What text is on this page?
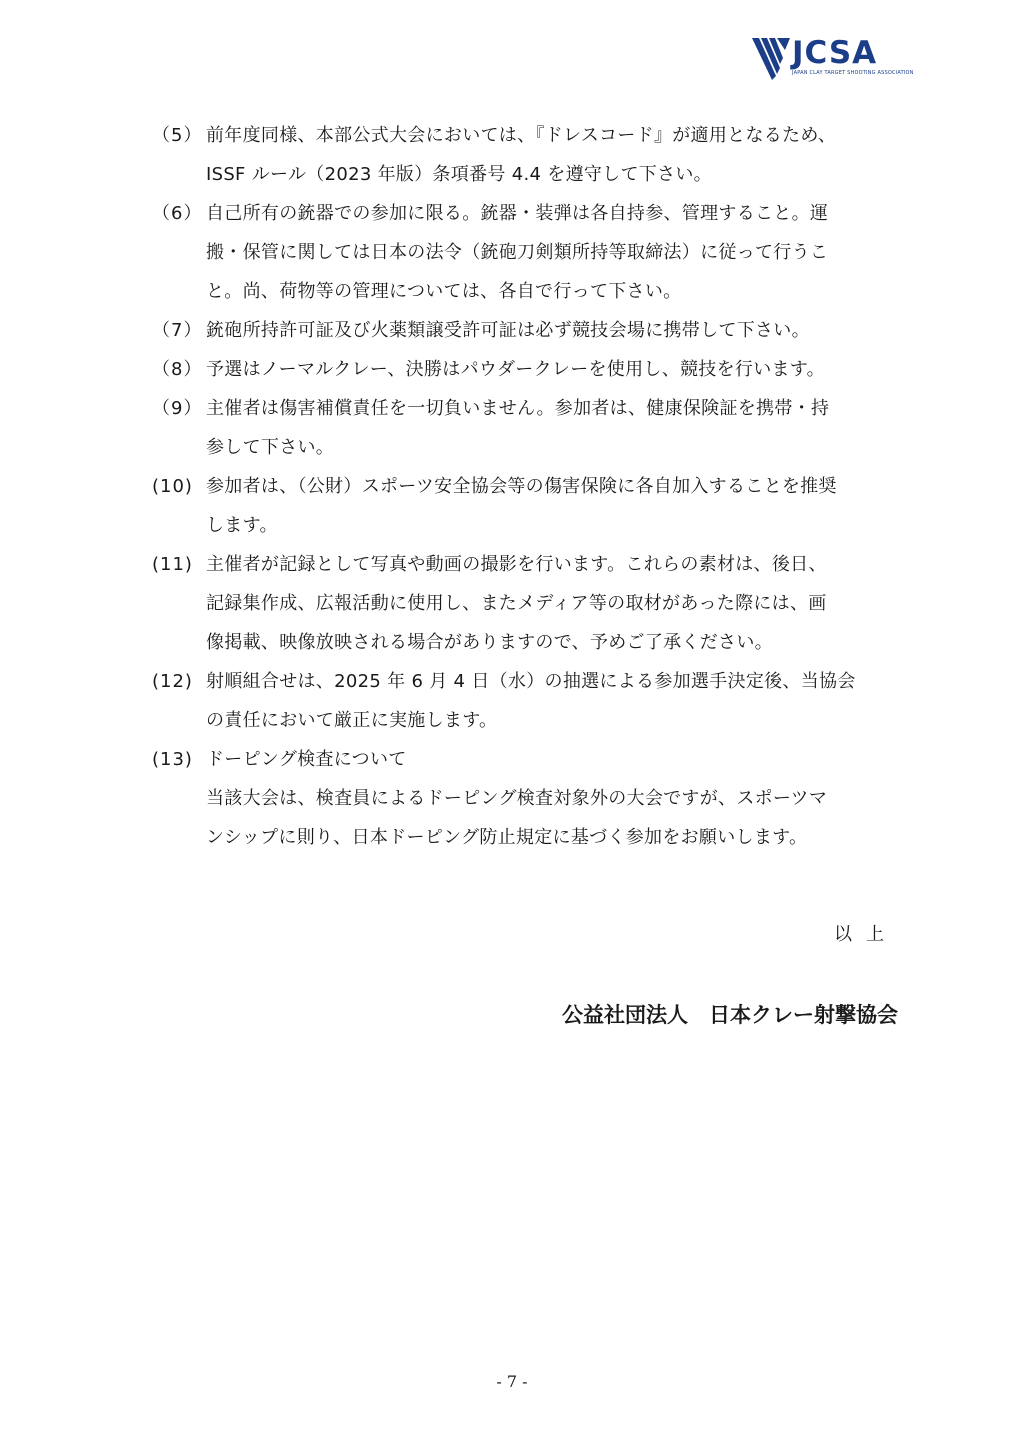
JCSA
JAPAN CLAY TARGET SHOOTING ASSOCIATION
（5） 前年度同様、本部公式大会においては、『ドレスコード』が適用となるため、
ISSF ルール（2023 年版）条項番号 4.4 を遵守して下さい。
（6） 自己所有の銃器での参加に限る。銃器・装弾は各自持参、管理すること。運
搬・保管に関しては日本の法令（銃砲刀剣類所持等取締法）に従って行うこ
と。尚、荷物等の管理については、各自で行って下さい。
（7） 銃砲所持許可証及び火薬類譲受許可証は必ず競技会場に携帯して下さい。
（8） 予選はノーマルクレー、決勝はパウダークレーを使用し、競技を行います。
（9） 主催者は傷害補償責任を一切負いません。参加者は、健康保険証を携帯・持
参して下さい。
(10) 参加者は、（公財）スポーツ安全協会等の傷害保険に各自加入することを推奨
します。
(11) 主催者が記録として写真や動画の撮影を行います。これらの素材は、後日、
記録集作成、広報活動に使用し、またメディア等の取材があった際には、画
像掲載、映像放映される場合がありますので、予めご了承ください。
(12) 射順組合せは、2025 年 6 月 4 日（水）の抽選による参加選手決定後、当協会
の責任において厳正に実施します。
(13) ドーピング検査について
当該大会は、検査員によるドーピング検査対象外の大会ですが、スポーツマ
ンシップに則り、日本ドーピング防止規定に基づく参加をお願いします。
以上
公益社団法人　日本クレー射撃協会
- 7 -
